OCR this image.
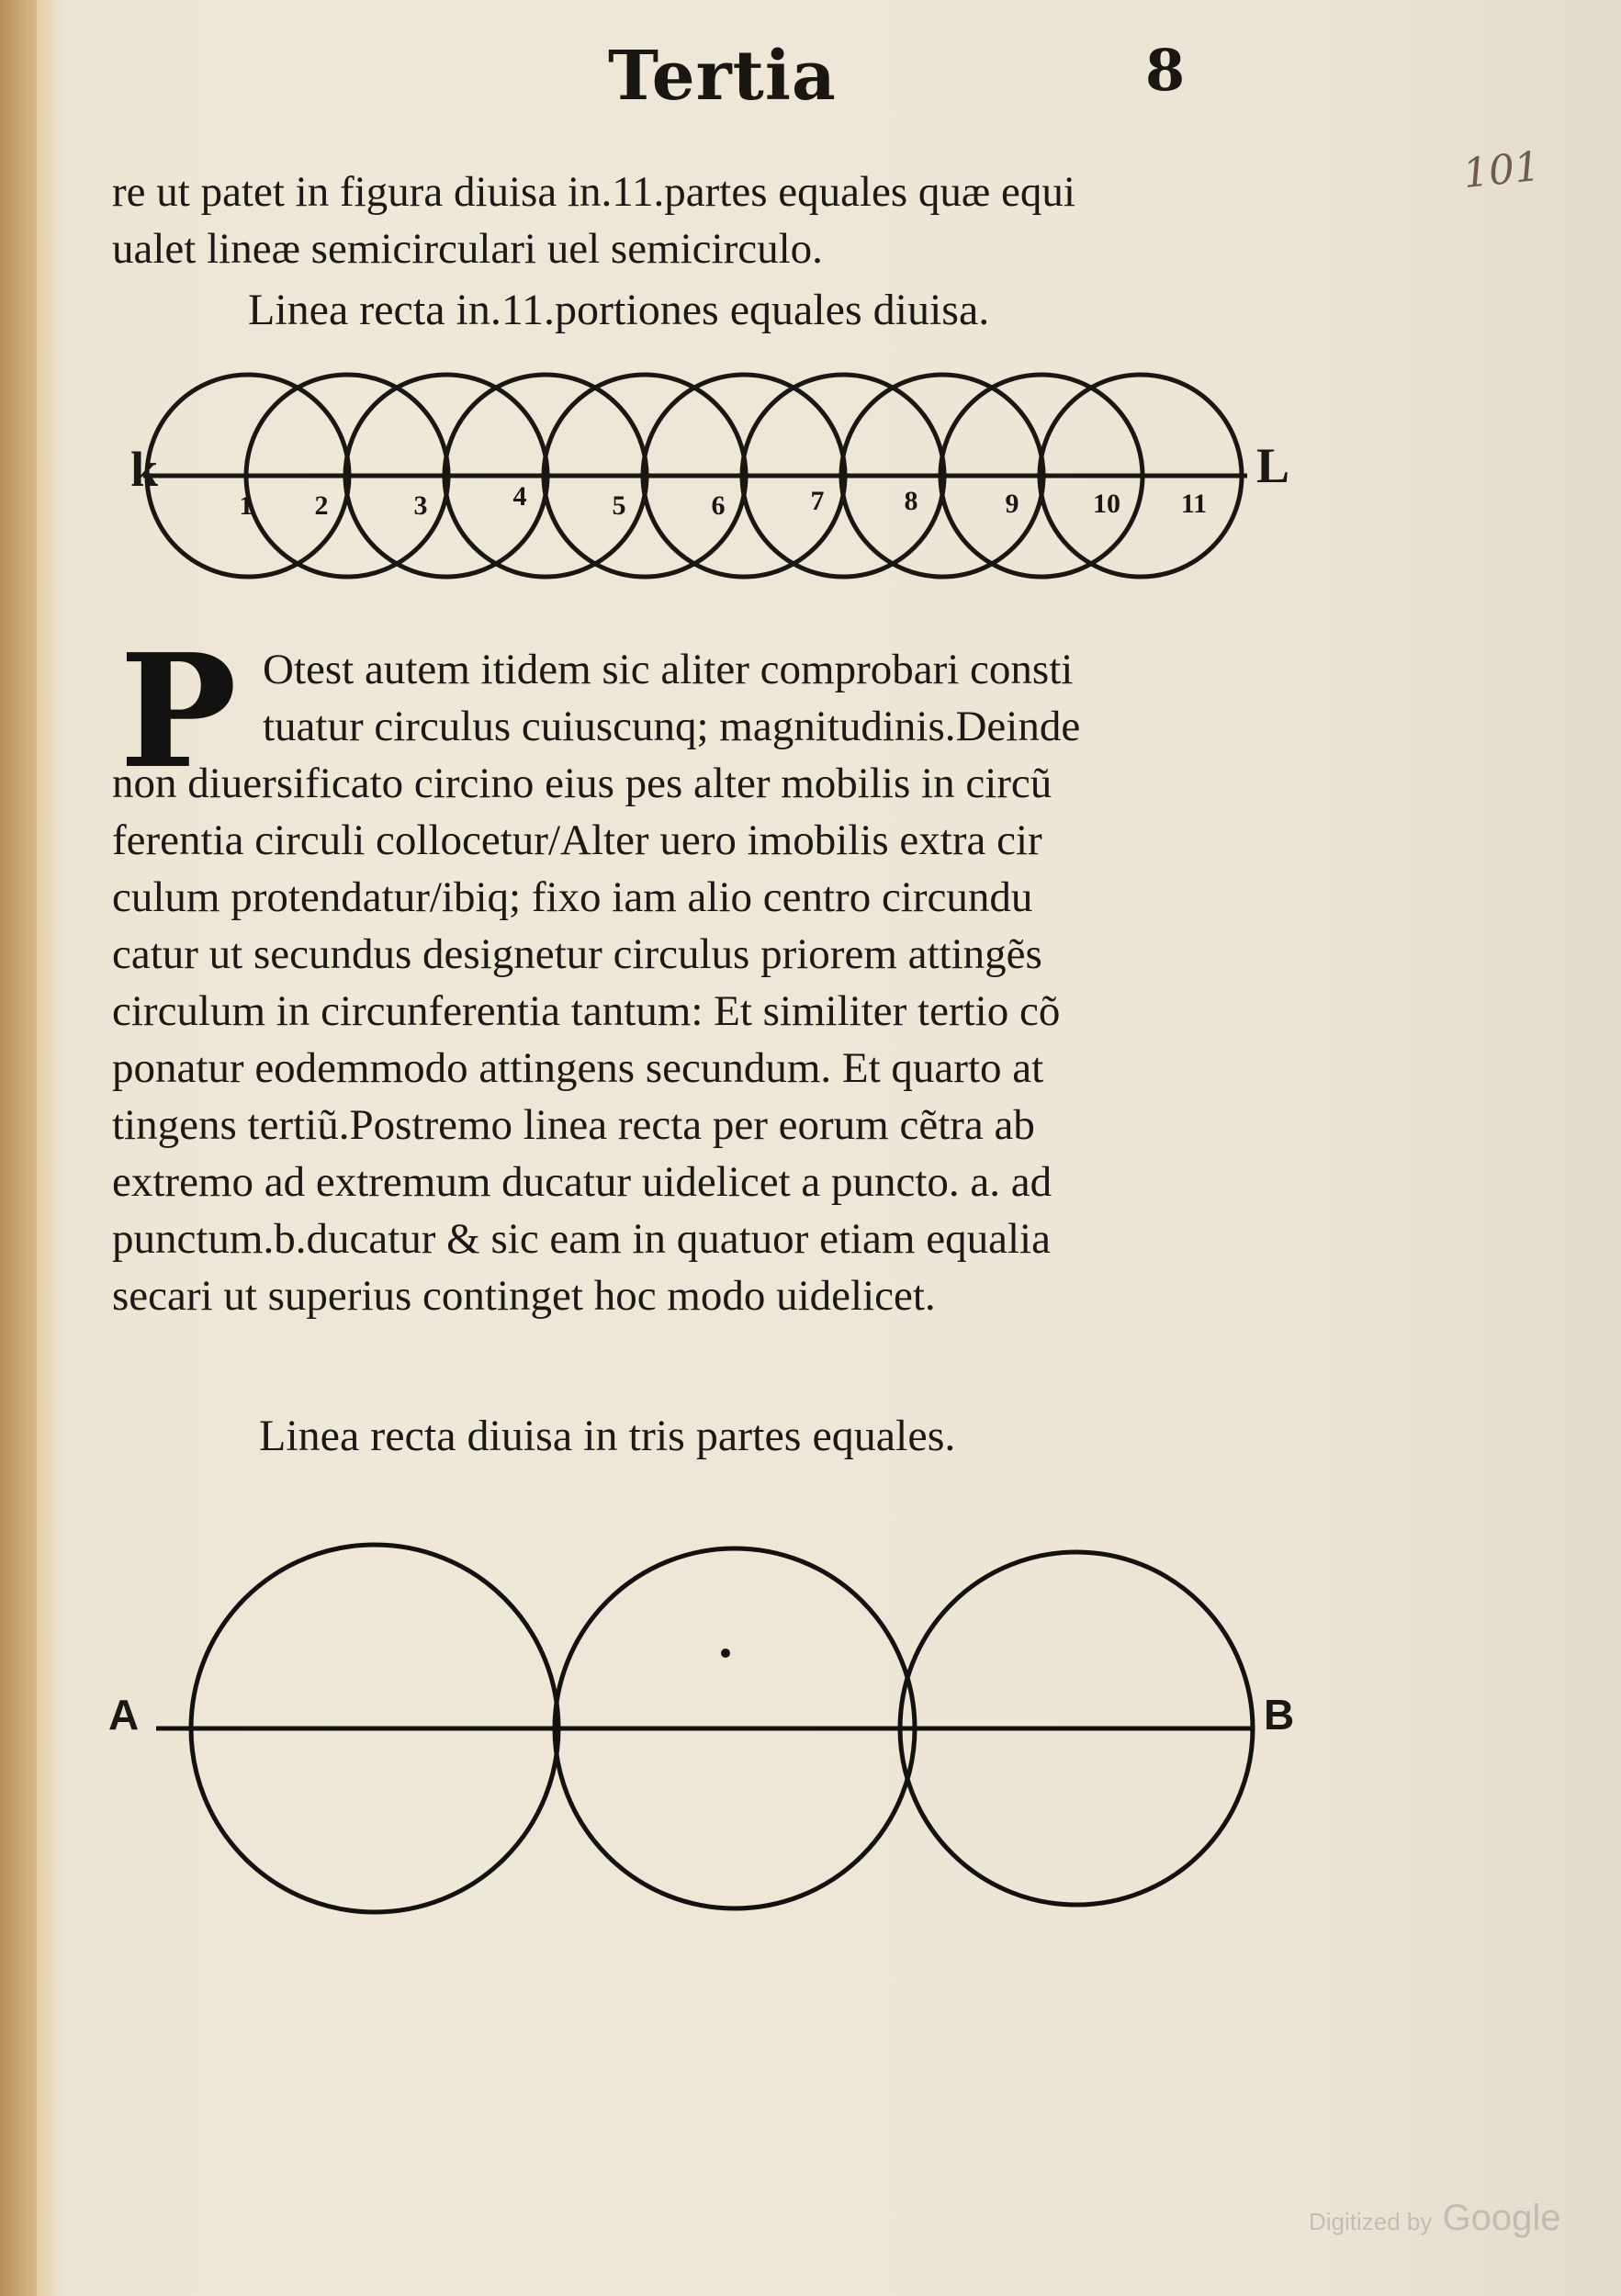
Tertia	8
101
re ut patet in figura diuisa in.11.partes equales quæ equi
ualet lineæ semicirculari uel semicirculo.
Linea recta in.11.portiones equales diuisa.
1 2	3	4	5	6	7	8	9	10 11
k	L
P Otest autem itidem sic aliter comprobari consti
tuatur circulus cuiuscunq; magnitudinis.Deinde
non diuersificato circino eius pes alter mobilis in circũ
ferentia circuli collocetur/Alter uero imobilis extra cir
culum protendatur/ibiq; fixo iam alio centro circundu
catur ut secundus designetur circulus priorem attingẽs
circulum in circunferentia tantum: Et similiter tertio cõ
ponatur eodemmodo attingens secundum. Et quarto at
tingens tertiũ.Postremo linea recta per eorum cẽtra ab
extremo ad extremum ducatur uidelicet a puncto. a. ad
punctum.b.ducatur & sic eam in quatuor etiam equalia
secari ut superius continget hoc modo uidelicet.
Linea recta diuisa in tris partes equales.
A	B
Digitized by Google
